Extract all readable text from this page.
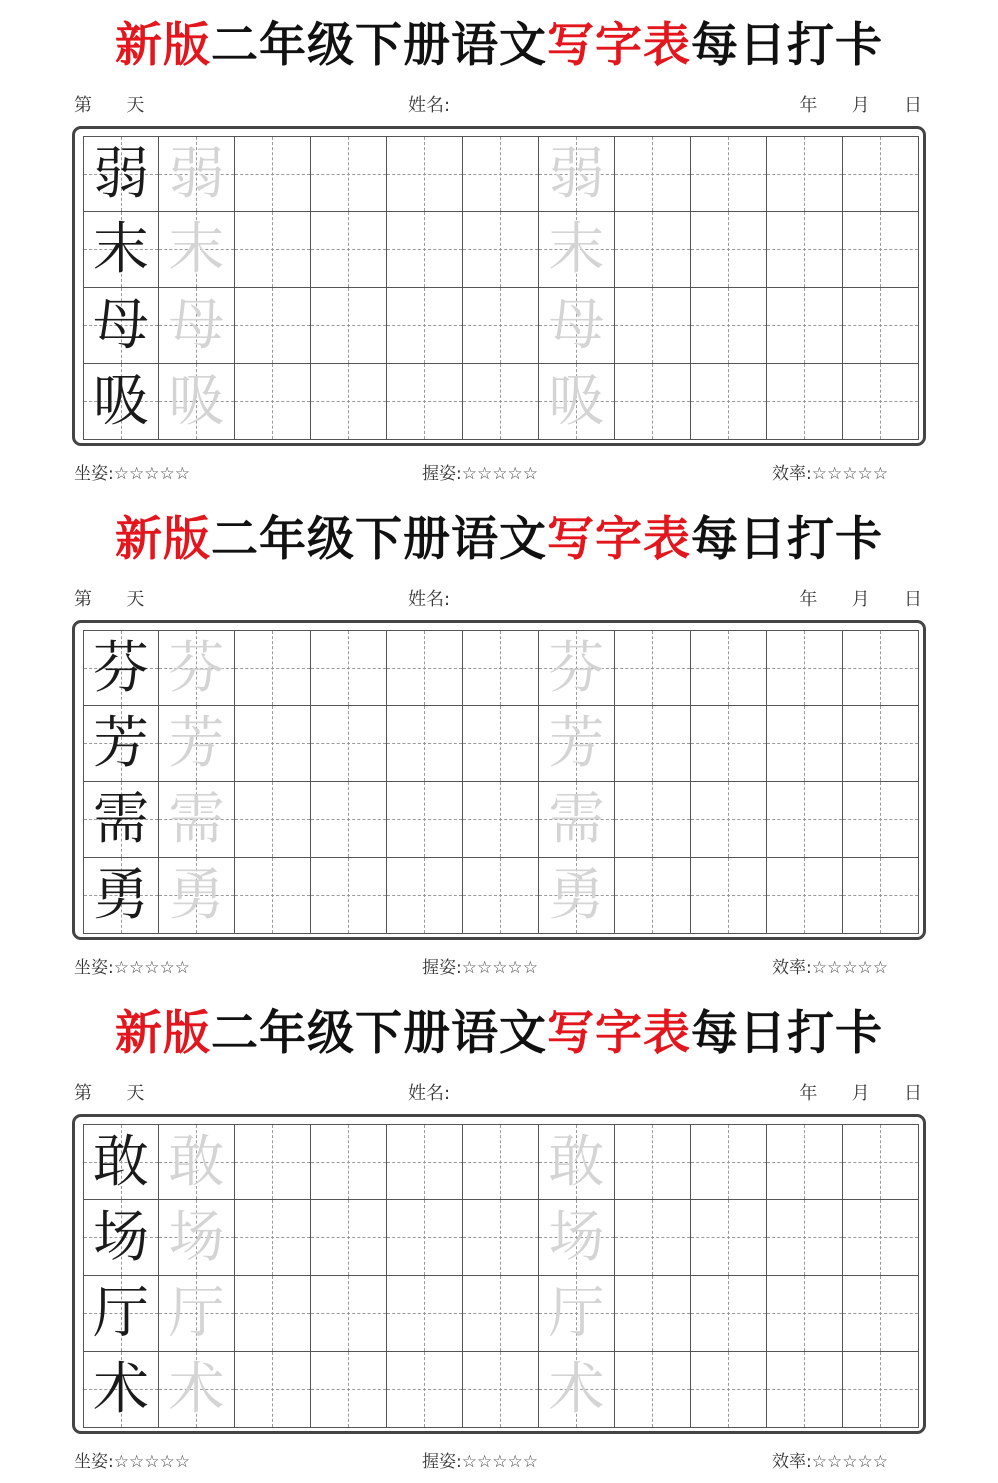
新版二年级下册语文写字表每日打卡
第      天	姓名:	年      月      日
弱 弱	弱
末 末	末
母 母	母
吸 吸	吸
坐姿:☆☆☆☆☆	握姿:☆☆☆☆☆	效率:☆☆☆☆☆
新版二年级下册语文写字表每日打卡
第      天	姓名:	年      月      日
芬 芬	芬
芳 芳	芳
需 需	需
勇 勇	勇
坐姿:☆☆☆☆☆	握姿:☆☆☆☆☆	效率:☆☆☆☆☆
新版二年级下册语文写字表每日打卡
第      天	姓名:	年      月      日
敢 敢	敢
场 场	场
厅 厅	厅
术 术	术
坐姿:☆☆☆☆☆	握姿:☆☆☆☆☆	效率:☆☆☆☆☆
